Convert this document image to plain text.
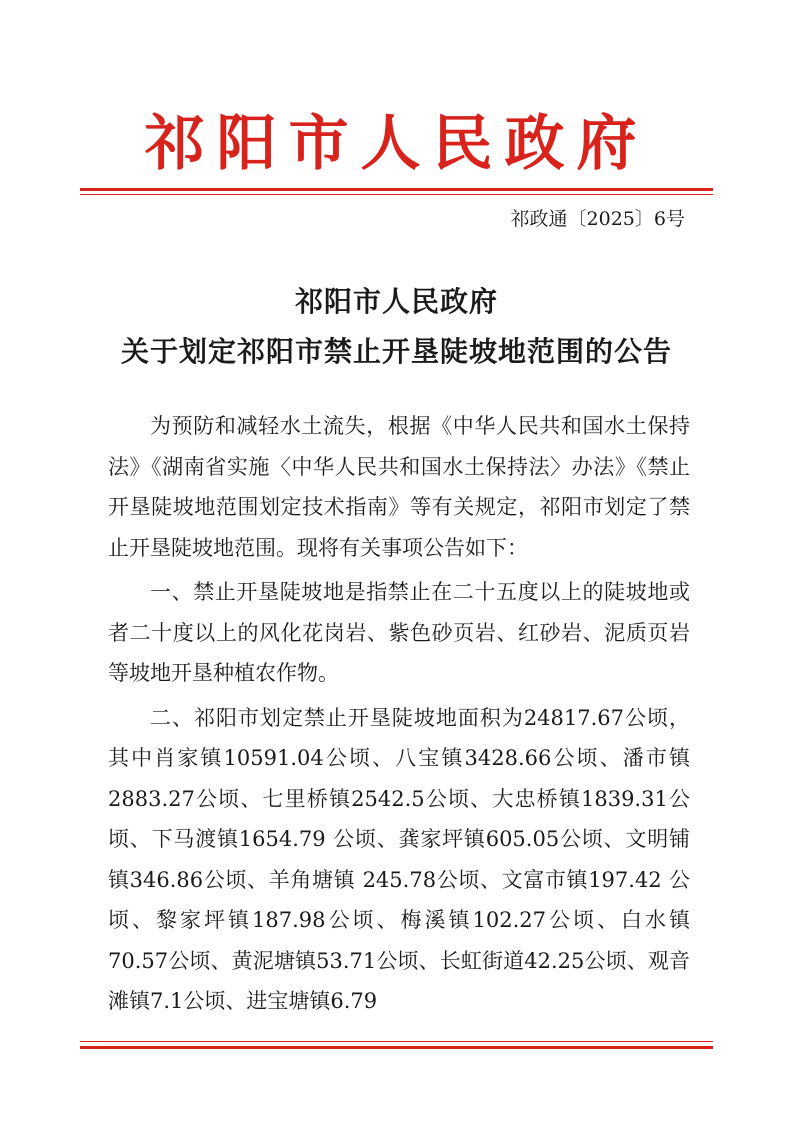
祁阳市人民政府
祁政通〔2025〕6号
祁阳市人民政府
关于划定祁阳市禁止开垦陡坡地范围的公告

为预防和减轻水土流失，根据《中华人民共和国水土保持法》《湖南省实施〈中华人民共和国水土保持法〉办法》《禁止开垦陡坡地范围划定技术指南》等有关规定，祁阳市划定了禁止开垦陡坡地范围。现将有关事项公告如下：

一、禁止开垦陡坡地是指禁止在二十五度以上的陡坡地或者二十度以上的风化花岗岩、紫色砂页岩、红砂岩、泥质页岩等坡地开垦种植农作物。

二、祁阳市划定禁止开垦陡坡地面积为24817.67公顷，其中肖家镇10591.04公顷、八宝镇3428.66公顷、潘市镇2883.27公顷、七里桥镇2542.5公顷、大忠桥镇1839.31公顷、下马渡镇1654.79 公顷、龚家坪镇605.05公顷、文明铺镇346.86公顷、羊角塘镇 245.78公顷、文富市镇197.42 公顷、黎家坪镇187.98公顷、梅溪镇102.27公顷、白水镇70.57公顷、黄泥塘镇53.71公顷、长虹街道42.25公顷、观音滩镇7.1公顷、进宝塘镇6.79
